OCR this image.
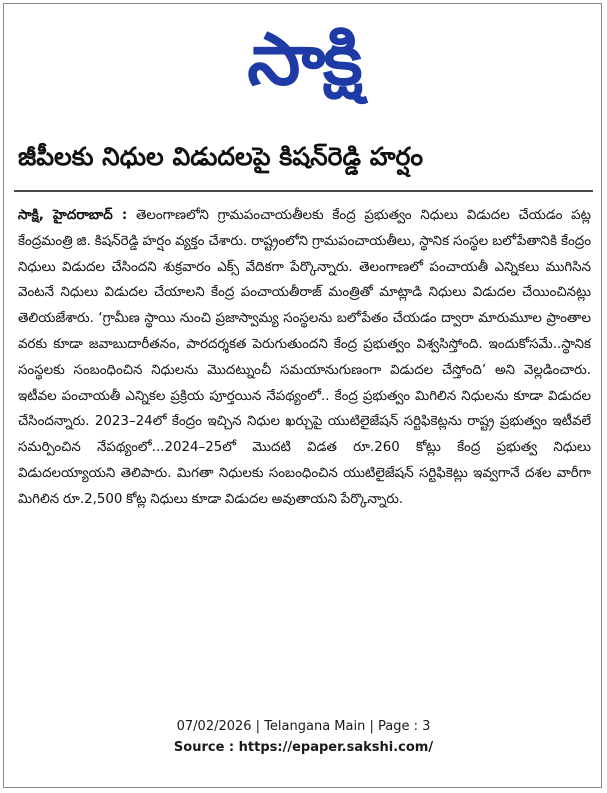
సాక్షి
జీపీలకు నిధుల విడుదలపై కిషన్‌రెడ్డి హర్షం

సాక్షి, హైదరాబాద్ : తెలంగాణలోని గ్రామపంచాయతీలకు కేంద్ర ప్రభుత్వం నిధులు విడుదల చేయడం పట్ల కేంద్రమంత్రి జి. కిషన్‌రెడ్డి హర్షం వ్యక్తం చేశారు. రాష్ట్రంలోని గ్రామపంచాయతీలు, స్థానిక సంస్థల బలోపేతానికి కేంద్రం నిధులు విడుదల చేసిందని శుక్రవారం ఎక్స్ వేదికగా పేర్కొన్నారు. తెలంగాణలో పంచాయతీ ఎన్నికలు ముగిసిన వెంటనే నిధులు విడుదల చేయాలని కేంద్ర పంచాయతీరాజ్ మంత్రితో మాట్లాడి నిధులు విడుదల చేయించినట్లు తెలియజేశారు. ‘గ్రామీణ స్థాయి నుంచి ప్రజాస్వామ్య సంస్థలను బలోపేతం చేయడం ద్వారా మారుమూల ప్రాంతాల వరకు కూడా జవాబుదారీతనం, పారదర్శకత పెరుగుతుందని కేంద్ర ప్రభుత్వం విశ్వసిస్తోంది. ఇందుకోసమే..స్థానిక సంస్థలకు సంబంధించిన నిధులను మొదట్నుంచీ సమయానుగుణంగా విడుదల చేస్తోంది’ అని వెల్లడించారు. ఇటీవల పంచాయతీ ఎన్నికల ప్రక్రియ పూర్తయిన నేపథ్యంలో.. కేంద్ర ప్రభుత్వం మిగిలిన నిధులను కూడా విడుదల చేసిందన్నారు. 2023–24లో కేంద్రం ఇచ్చిన నిధుల ఖర్చుపై యుటిలైజేషన్ సర్టిఫికెట్లను రాష్ట్ర ప్రభుత్వం ఇటీవలే సమర్పించిన నేపథ్యంలో...2024–25లో మొదటి విడత రూ.260 కోట్లు కేంద్ర ప్రభుత్వ నిధులు విడుదలయ్యాయని తెలిపారు. మిగతా నిధులకు సంబంధించిన యుటిలైజేషన్ సర్టిఫికెట్లు ఇవ్వగానే దశల వారీగా మిగిలిన రూ.2,500 కోట్ల నిధులు కూడా విడుదల అవుతాయని పేర్కొన్నారు.

07/02/2026 | Telangana Main | Page : 3
Source : https://epaper.sakshi.com/
